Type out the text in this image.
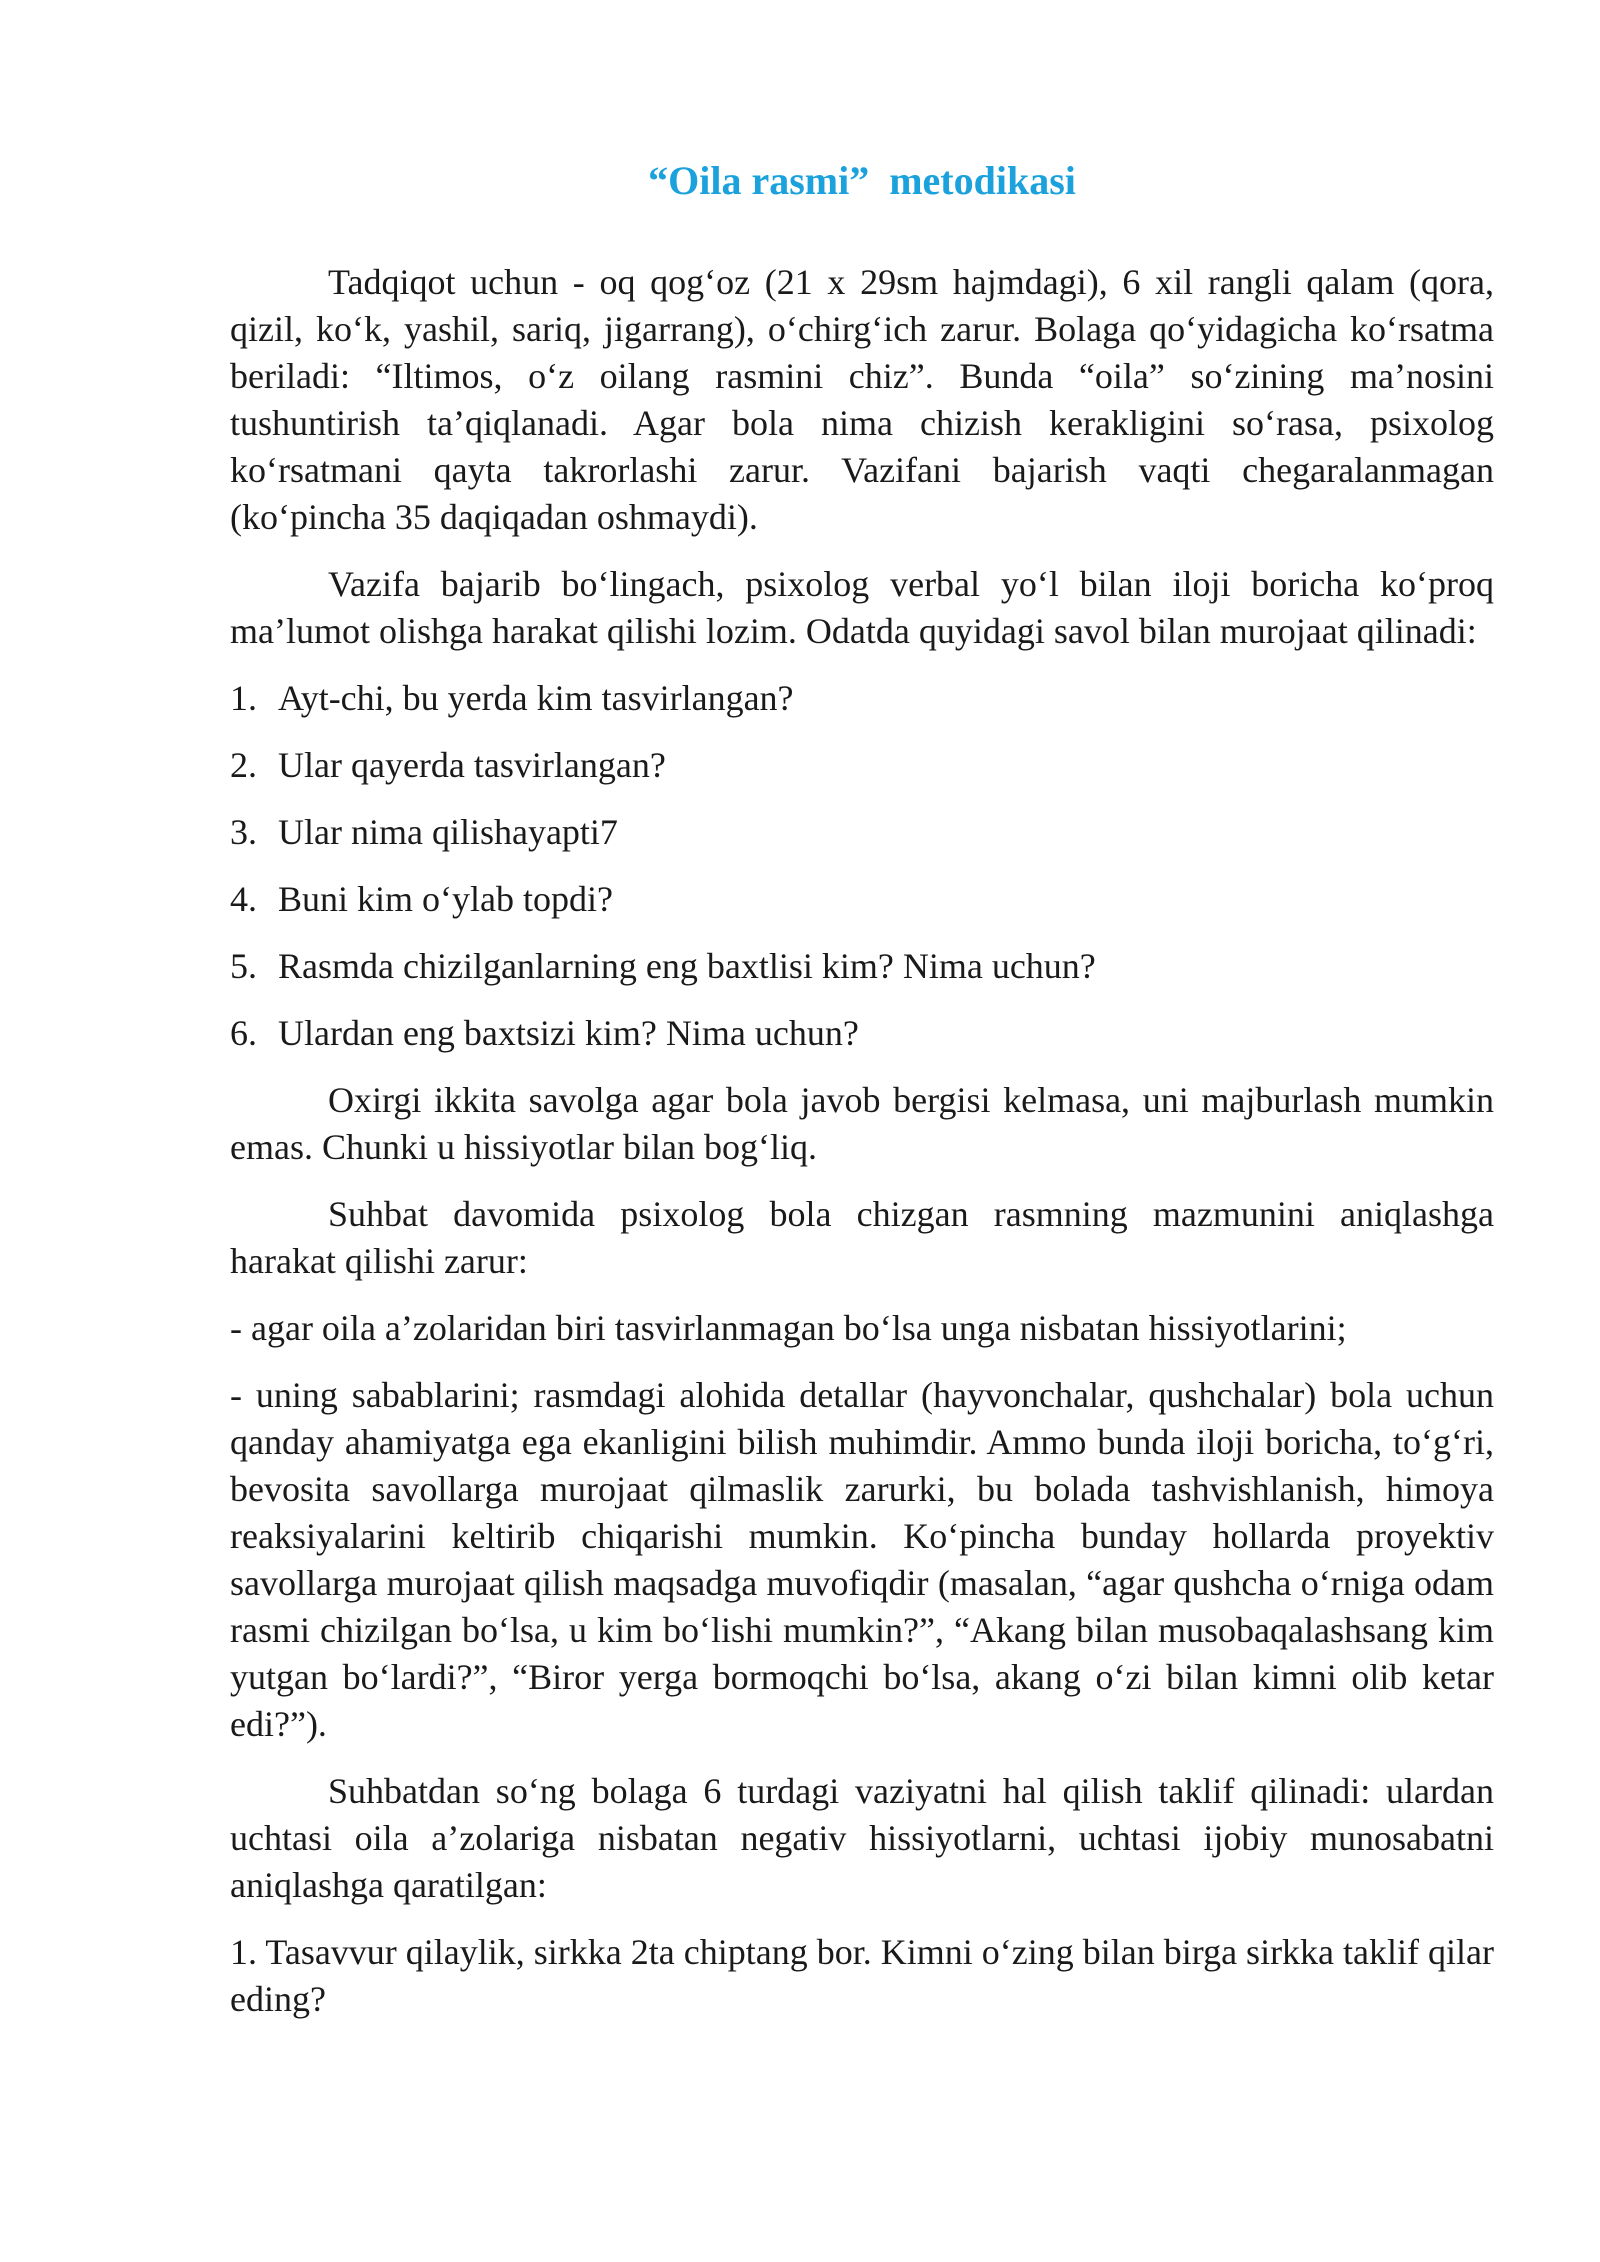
“Oila rasmi”  metodikasi

Tadqiqot uchun - oq qog‘oz (21 x 29sm hajmdagi), 6 xil rangli qalam (qora, qizil, ko‘k, yashil, sariq, jigarrang), o‘chirg‘ich zarur. Bolaga qo‘yidagicha ko‘rsatma beriladi: “Iltimos, o‘z oilang rasmini chiz”. Bunda “oila” so‘zining ma’nosini tushuntirish ta’qiqlanadi. Agar bola nima chizish kerakligini so‘rasa, psixolog ko‘rsatmani qayta takrorlashi zarur. Vazifani bajarish vaqti chegaralanmagan (ko‘pincha 35 daqiqadan oshmaydi).

Vazifa bajarib bo‘lingach, psixolog verbal yo‘l bilan iloji boricha ko‘proq ma’lumot olishga harakat qilishi lozim. Odatda quyidagi savol bilan murojaat qilinadi:

1. Ayt-chi, bu yerda kim tasvirlangan?
2. Ular qayerda tasvirlangan?
3. Ular nima qilishayapti7
4. Buni kim o‘ylab topdi?
5. Rasmda chizilganlarning eng baxtlisi kim? Nima uchun?
6. Ulardan eng baxtsizi kim? Nima uchun?

Oxirgi ikkita savolga agar bola javob bergisi kelmasa, uni majburlash mumkin emas. Chunki u hissiyotlar bilan bog‘liq.

Suhbat davomida psixolog bola chizgan rasmning mazmunini aniqlashga harakat qilishi zarur:

- agar oila a’zolaridan biri tasvirlanmagan bo‘lsa unga nisbatan hissiyotlarini;

- uning sabablarini; rasmdagi alohida detallar (hayvonchalar, qushchalar) bola uchun qanday ahamiyatga ega ekanligini bilish muhimdir. Ammo bunda iloji boricha, to‘g‘ri, bevosita savollarga murojaat qilmaslik zarurki, bu bolada tashvishlanish, himoya reaksiyalarini keltirib chiqarishi mumkin. Ko‘pincha bunday hollarda proyektiv savollarga murojaat qilish maqsadga muvofiqdir (masalan, “agar qushcha o‘rniga odam rasmi chizilgan bo‘lsa, u kim bo‘lishi mumkin?”, “Akang bilan musobaqalashsang kim yutgan bo‘lardi?”, “Biror yerga bormoqchi bo‘lsa, akang o‘zi bilan kimni olib ketar edi?”).

Suhbatdan so‘ng bolaga 6 turdagi vaziyatni hal qilish taklif qilinadi: ulardan uchtasi oila a’zolariga nisbatan negativ hissiyotlarni, uchtasi ijobiy munosabatni aniqlashga qaratilgan:

1. Tasavvur qilaylik, sirkka 2ta chiptang bor. Kimni o‘zing bilan birga sirkka taklif qilar eding?
